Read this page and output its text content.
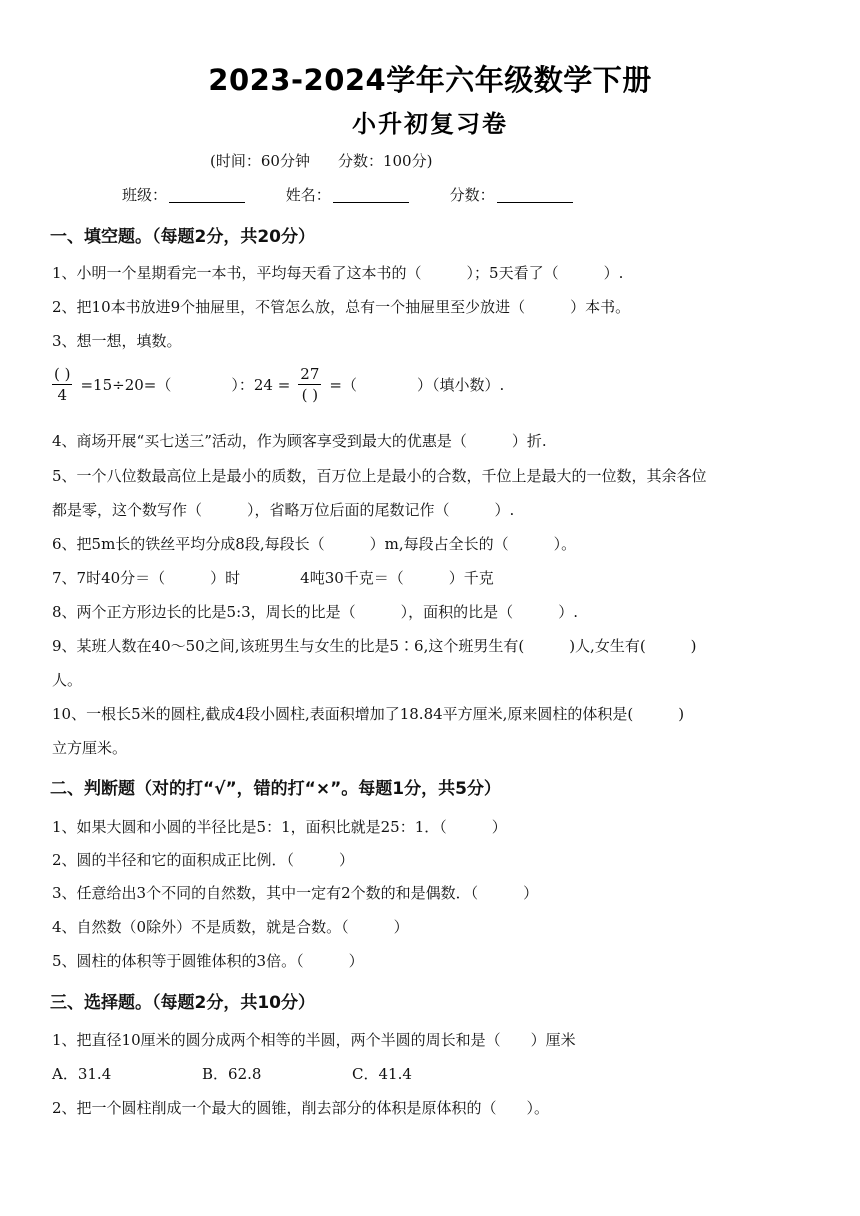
2023-2024学年六年级数学下册
小升初复习卷
(时间：60分钟 分数：100分)
班级：	姓名：	分数：
一、填空题。（每题2分，共20分）
1、小明一个星期看完一本书，平均每天看了这本书的（　　　）；5天看了（　　　）.
2、把10本书放进9个抽屉里，不管怎么放，总有一个抽屉里至少放进（　　　）本书。
3、想一想，填数。
$\frac{( )}{4} =15\div 20=$（　　　　）：$24 = \frac{27}{( )}$ =（　　　　）（填小数）.
4、商场开展“买七送三”活动，作为顾客享受到最大的优惠是（　　　）折.
5、一个八位数最高位上是最小的质数，百万位上是最小的合数，千位上是最大的一位数，其余各位
都是零，这个数写作（　　　），省略万位后面的尾数记作（　　　）.
6、把5m长的铁丝平均分成8段,每段长（　　　）m,每段占全长的（　　　）。
7、7时40分＝（　　　）时　　　　4吨30千克＝（　　　）千克
8、两个正方形边长的比是5:3，周长的比是（　　　），面积的比是（　　　）.
9、某班人数在40～50之间,该班男生与女生的比是5∶6,这个班男生有(　　　)人,女生有(　　　)
人。
10、一根长5米的圆柱,截成4段小圆柱,表面积增加了18.84平方厘米,原来圆柱的体积是(　　　)
立方厘米。
二、判断题（对的打“√”，错的打“×”。每题1分，共5分）
1、如果大圆和小圆的半径比是5：1，面积比就是25：1．（　　　）
2、圆的半径和它的面积成正比例．（　　　）
3、任意给出3个不同的自然数，其中一定有2个数的和是偶数．（　　　）
4、自然数（0除外）不是质数，就是合数。（　　　）
5、圆柱的体积等于圆锥体积的3倍。（　　　）
三、选择题。（每题2分，共10分）
1、把直径10厘米的圆分成两个相等的半圆，两个半圆的周长和是（　　）厘米
A．31.4	B．62.8	C．41.4
2、把一个圆柱削成一个最大的圆锥，削去部分的体积是原体积的（　　）。
